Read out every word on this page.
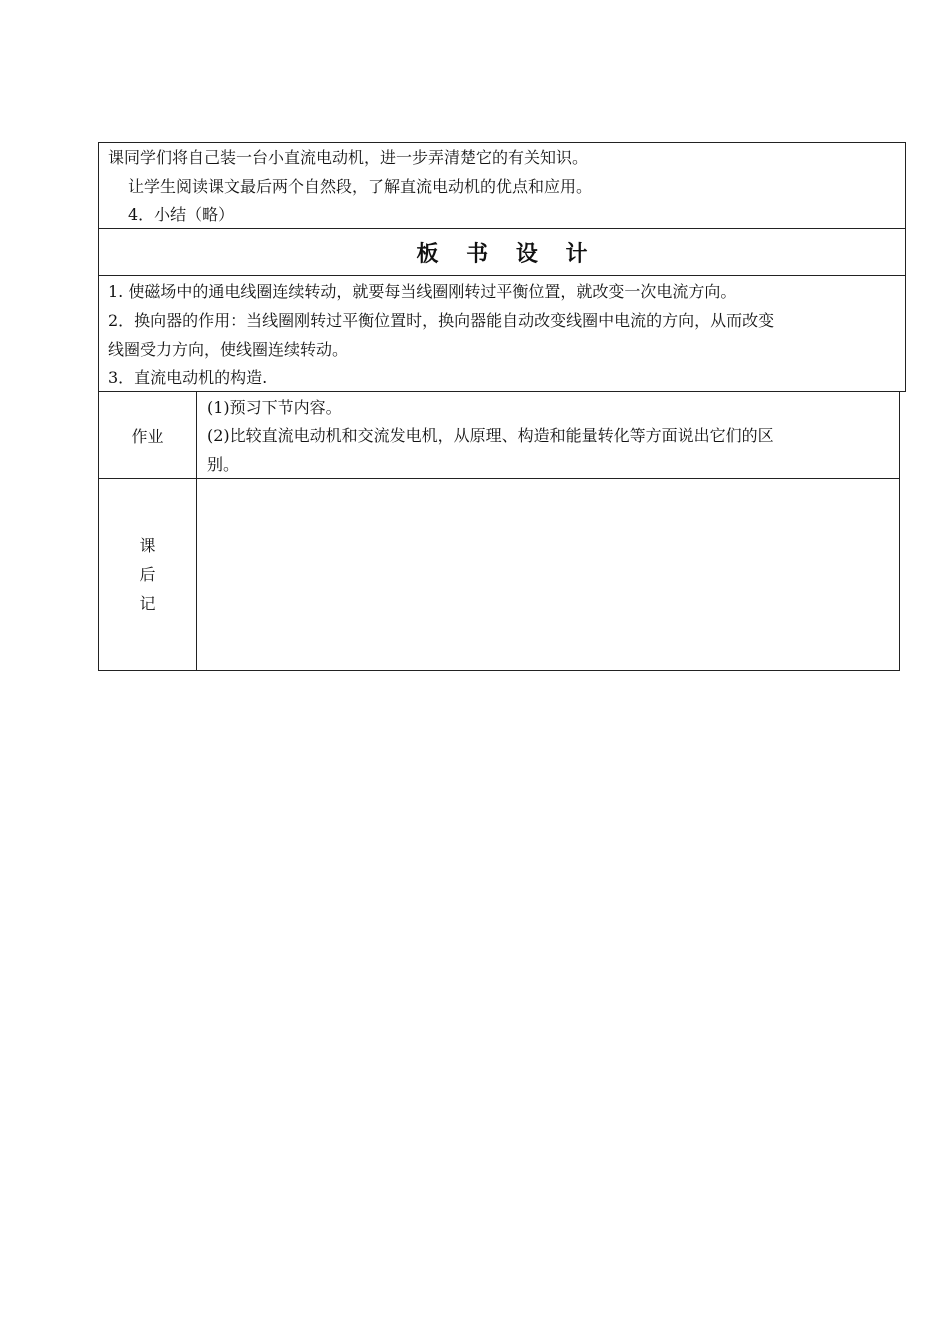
课同学们将自己装一台小直流电动机，进一步弄清楚它的有关知识。
让学生阅读课文最后两个自然段，了解直流电动机的优点和应用。
4．小结（略）
板 书 设 计
1. 使磁场中的通电线圈连续转动，就要每当线圈刚转过平衡位置，就改变一次电流方向。
2．换向器的作用：当线圈刚转过平衡位置时，换向器能自动改变线圈中电流的方向，从而改变
线圈受力方向，使线圈连续转动。
3．直流电动机的构造.
(1)预习下节内容。
(2)比较直流电动机和交流发电机，从原理、构造和能量转化等方面说出它们的区
别。
作业
课
后
记
